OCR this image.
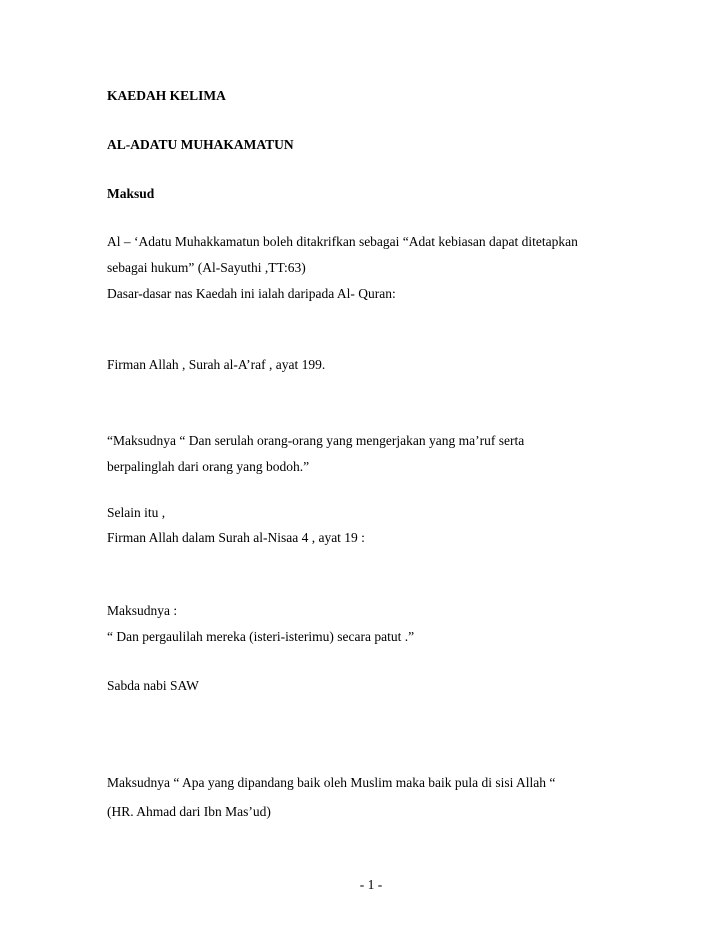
KAEDAH KELIMA
AL-ADATU MUHAKAMATUN
Maksud
Al – ‘Adatu Muhakkamatun boleh ditakrifkan sebagai “Adat kebiasan dapat ditetapkan
sebagai hukum” (Al-Sayuthi ,TT:63)
Dasar-dasar nas Kaedah ini ialah daripada Al- Quran:
Firman Allah , Surah al-A’raf , ayat 199.
“Maksudnya “ Dan serulah orang-orang yang mengerjakan yang ma’ruf serta
berpalinglah dari orang yang bodoh.”
Selain itu ,
Firman Allah dalam Surah al-Nisaa 4 , ayat 19 :
Maksudnya :
“ Dan pergaulilah mereka (isteri-isterimu) secara patut .”
Sabda nabi SAW
Maksudnya “ Apa yang dipandang baik oleh Muslim maka baik pula di sisi Allah “
(HR. Ahmad dari Ibn Mas’ud)
- 1 -
